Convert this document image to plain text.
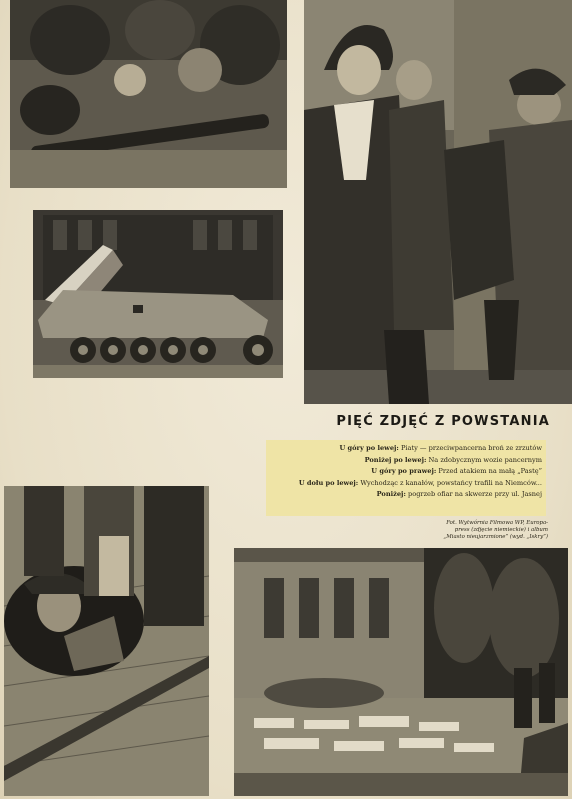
PIĘĆ ZDJĘĆ Z POWSTANIA
U góry po lewej: Piaty — przeciwpancerna broń ze zrzutów
Poniżej po lewej: Na zdobycznym wozie pancernym
U góry po prawej: Przed atakiem na małą „Pastę”
U dołu po lewej: Wychodząc z kanałów, powstańcy trafili na Niemców...
Poniżej: pogrzeb ofiar na skwerze przy ul. Jasnej
Fot. Wytwórnia Filmowa WP, Europa-
press (zdjęcie niemieckie) i album
„Miasto nieujarzmione” (wyd. „Iskry”)
